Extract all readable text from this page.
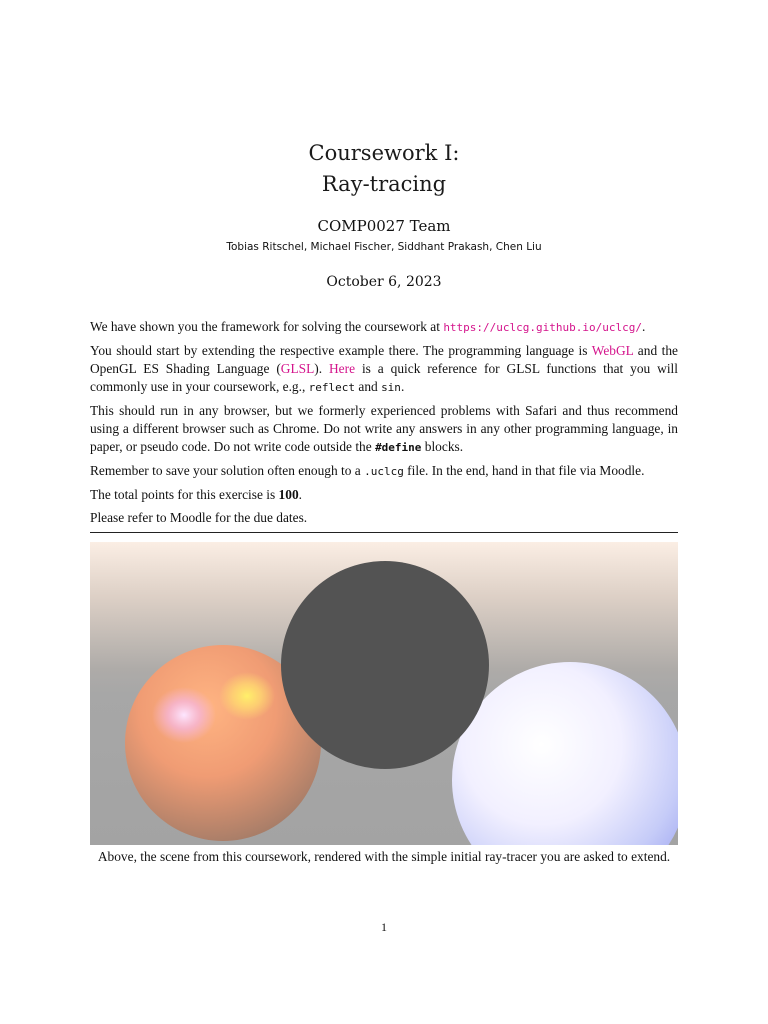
Coursework I:
Ray-tracing
COMP0027 Team
Tobias Ritschel, Michael Fischer, Siddhant Prakash, Chen Liu
October 6, 2023

We have shown you the framework for solving the coursework at https://uclcg.github.io/uclcg/.

You should start by extending the respective example there. The programming language is WebGL and the OpenGL ES Shading Language (GLSL). Here is a quick reference for GLSL functions that you will commonly use in your coursework, e.g., reflect and sin.

This should run in any browser, but we formerly experienced problems with Safari and thus recommend using a different browser such as Chrome. Do not write any answers in any other programming language, in paper, or pseudo code. Do not write code outside the #define blocks.

Remember to save your solution often enough to a .uclcg file. In the end, hand in that file via Moodle.

The total points for this exercise is 100.

Please refer to Moodle for the due dates.

Above, the scene from this coursework, rendered with the simple initial ray-tracer you are asked to extend.
1
